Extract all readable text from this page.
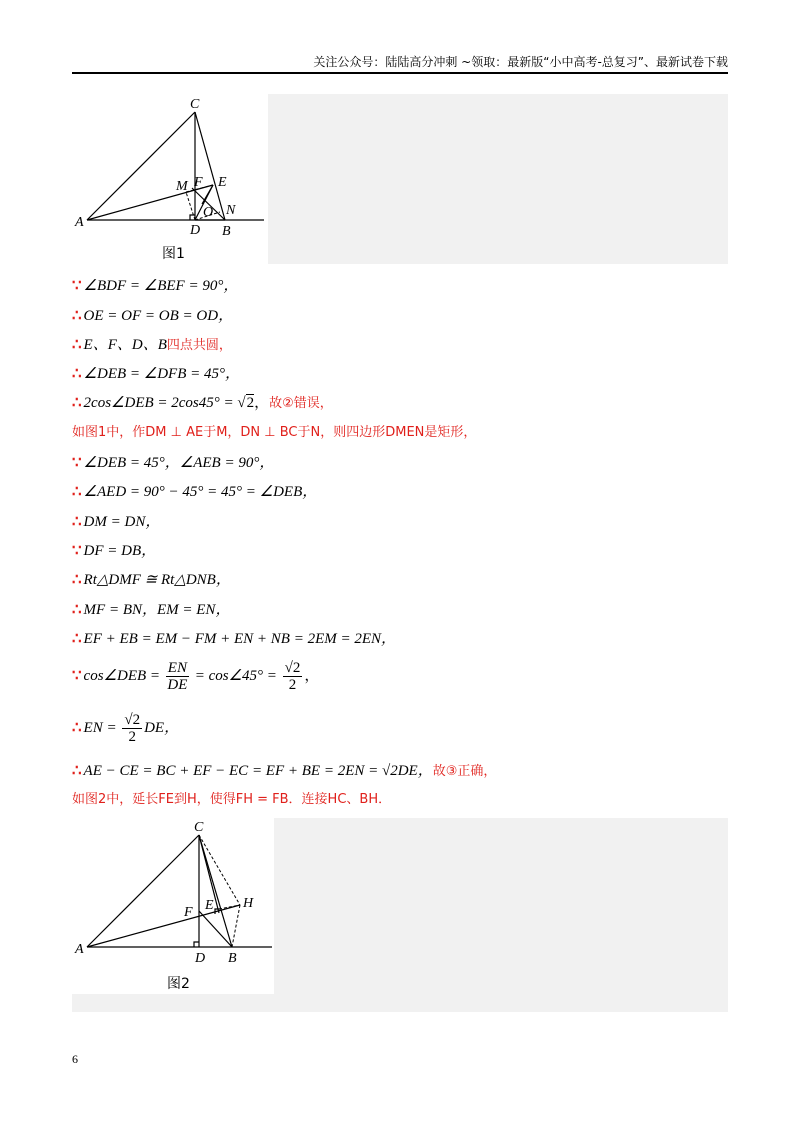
关注公众号：陆陆高分冲刺 ~领取：最新版“小中高考-总复习”、最新试卷下载
C
A
M F E
O N
D B
图1
∵ ∠BDF = ∠BEF = 90°，
∴ OE = OF = OB = OD，
∴ E、F、D、B四点共圆，
∴ ∠DEB = ∠DFB = 45°，
∴ 2cos∠DEB = 2cos45° = √2，故②错误，
如图1中，作DM ⊥ AE于M，DN ⊥ BC于N，则四边形DMEN是矩形，
∵ ∠DEB = 45°，∠AEB = 90°，
∴ ∠AED = 90° − 45° = 45° = ∠DEB，
∴ DM = DN，
∵ DF = DB，
∴ Rt△DMF ≅ Rt△DNB，
∴ MF = BN，EM = EN，
∴ EF + EB = EM − FM + EN + NB = 2EM = 2EN，
∵ cos∠DEB = $\frac{EN}{DE}$ = cos∠45° = $\frac{√2}{2}$ ，
∴ EN = $\frac{√2}{2}$ DE，
∴ AE − CE = BC + EF − EC = EF + BE = 2EN = √2DE，故③正确，
如图2中，延长FE到H，使得FH = FB．连接HC、BH．
C
A
F E H
D B
图2
6
